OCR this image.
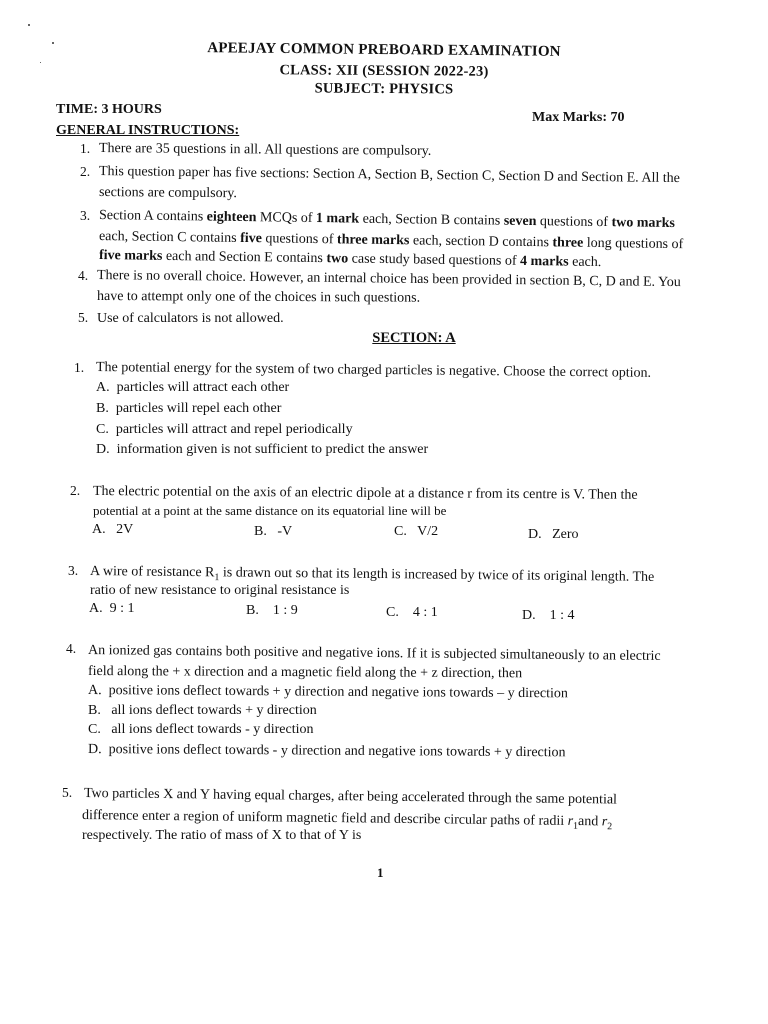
APEEJAY COMMON PREBOARD EXAMINATION
CLASS: XII (SESSION 2022-23)
SUBJECT: PHYSICS
TIME: 3 HOURS
Max Marks: 70
GENERAL INSTRUCTIONS:
1. There are 35 questions in all. All questions are compulsory.
2. This question paper has five sections: Section A, Section B, Section C, Section D and Section E. All the
sections are compulsory.
3. Section A contains eighteen MCQs of 1 mark each, Section B contains seven questions of two marks
each, Section C contains five questions of three marks each, section D contains three long questions of
five marks each and Section E contains two case study based questions of 4 marks each.
4. There is no overall choice. However, an internal choice has been provided in section B, C, D and E. You
have to attempt only one of the choices in such questions.
5. Use of calculators is not allowed.
SECTION: A
1. The potential energy for the system of two charged particles is negative. Choose the correct option.
A. particles will attract each other
B. particles will repel each other
C. particles will attract and repel periodically
D. information given is not sufficient to predict the answer
2. The electric potential on the axis of an electric dipole at a distance r from its centre is V. Then the
potential at a point at the same distance on its equatorial line will be
A. 2V	B. -V	C. V/2	D. Zero
3. A wire of resistance $R_1$ is drawn out so that its length is increased by twice of its original length. The
ratio of new resistance to original resistance is
A. 9 : 1	B. 1 : 9	C. 4 : 1	D. 1 : 4
4. An ionized gas contains both positive and negative ions. If it is subjected simultaneously to an electric
field along the + x direction and a magnetic field along the + z direction, then
A. positive ions deflect towards + y direction and negative ions towards – y direction
B. all ions deflect towards + y direction
C. all ions deflect towards - y direction
D. positive ions deflect towards - y direction and negative ions towards + y direction
5. Two particles X and Y having equal charges, after being accelerated through the same potential
difference enter a region of uniform magnetic field and describe circular paths of radii $r_1and$ $r_2$
respectively. The ratio of mass of X to that of Y is
1
